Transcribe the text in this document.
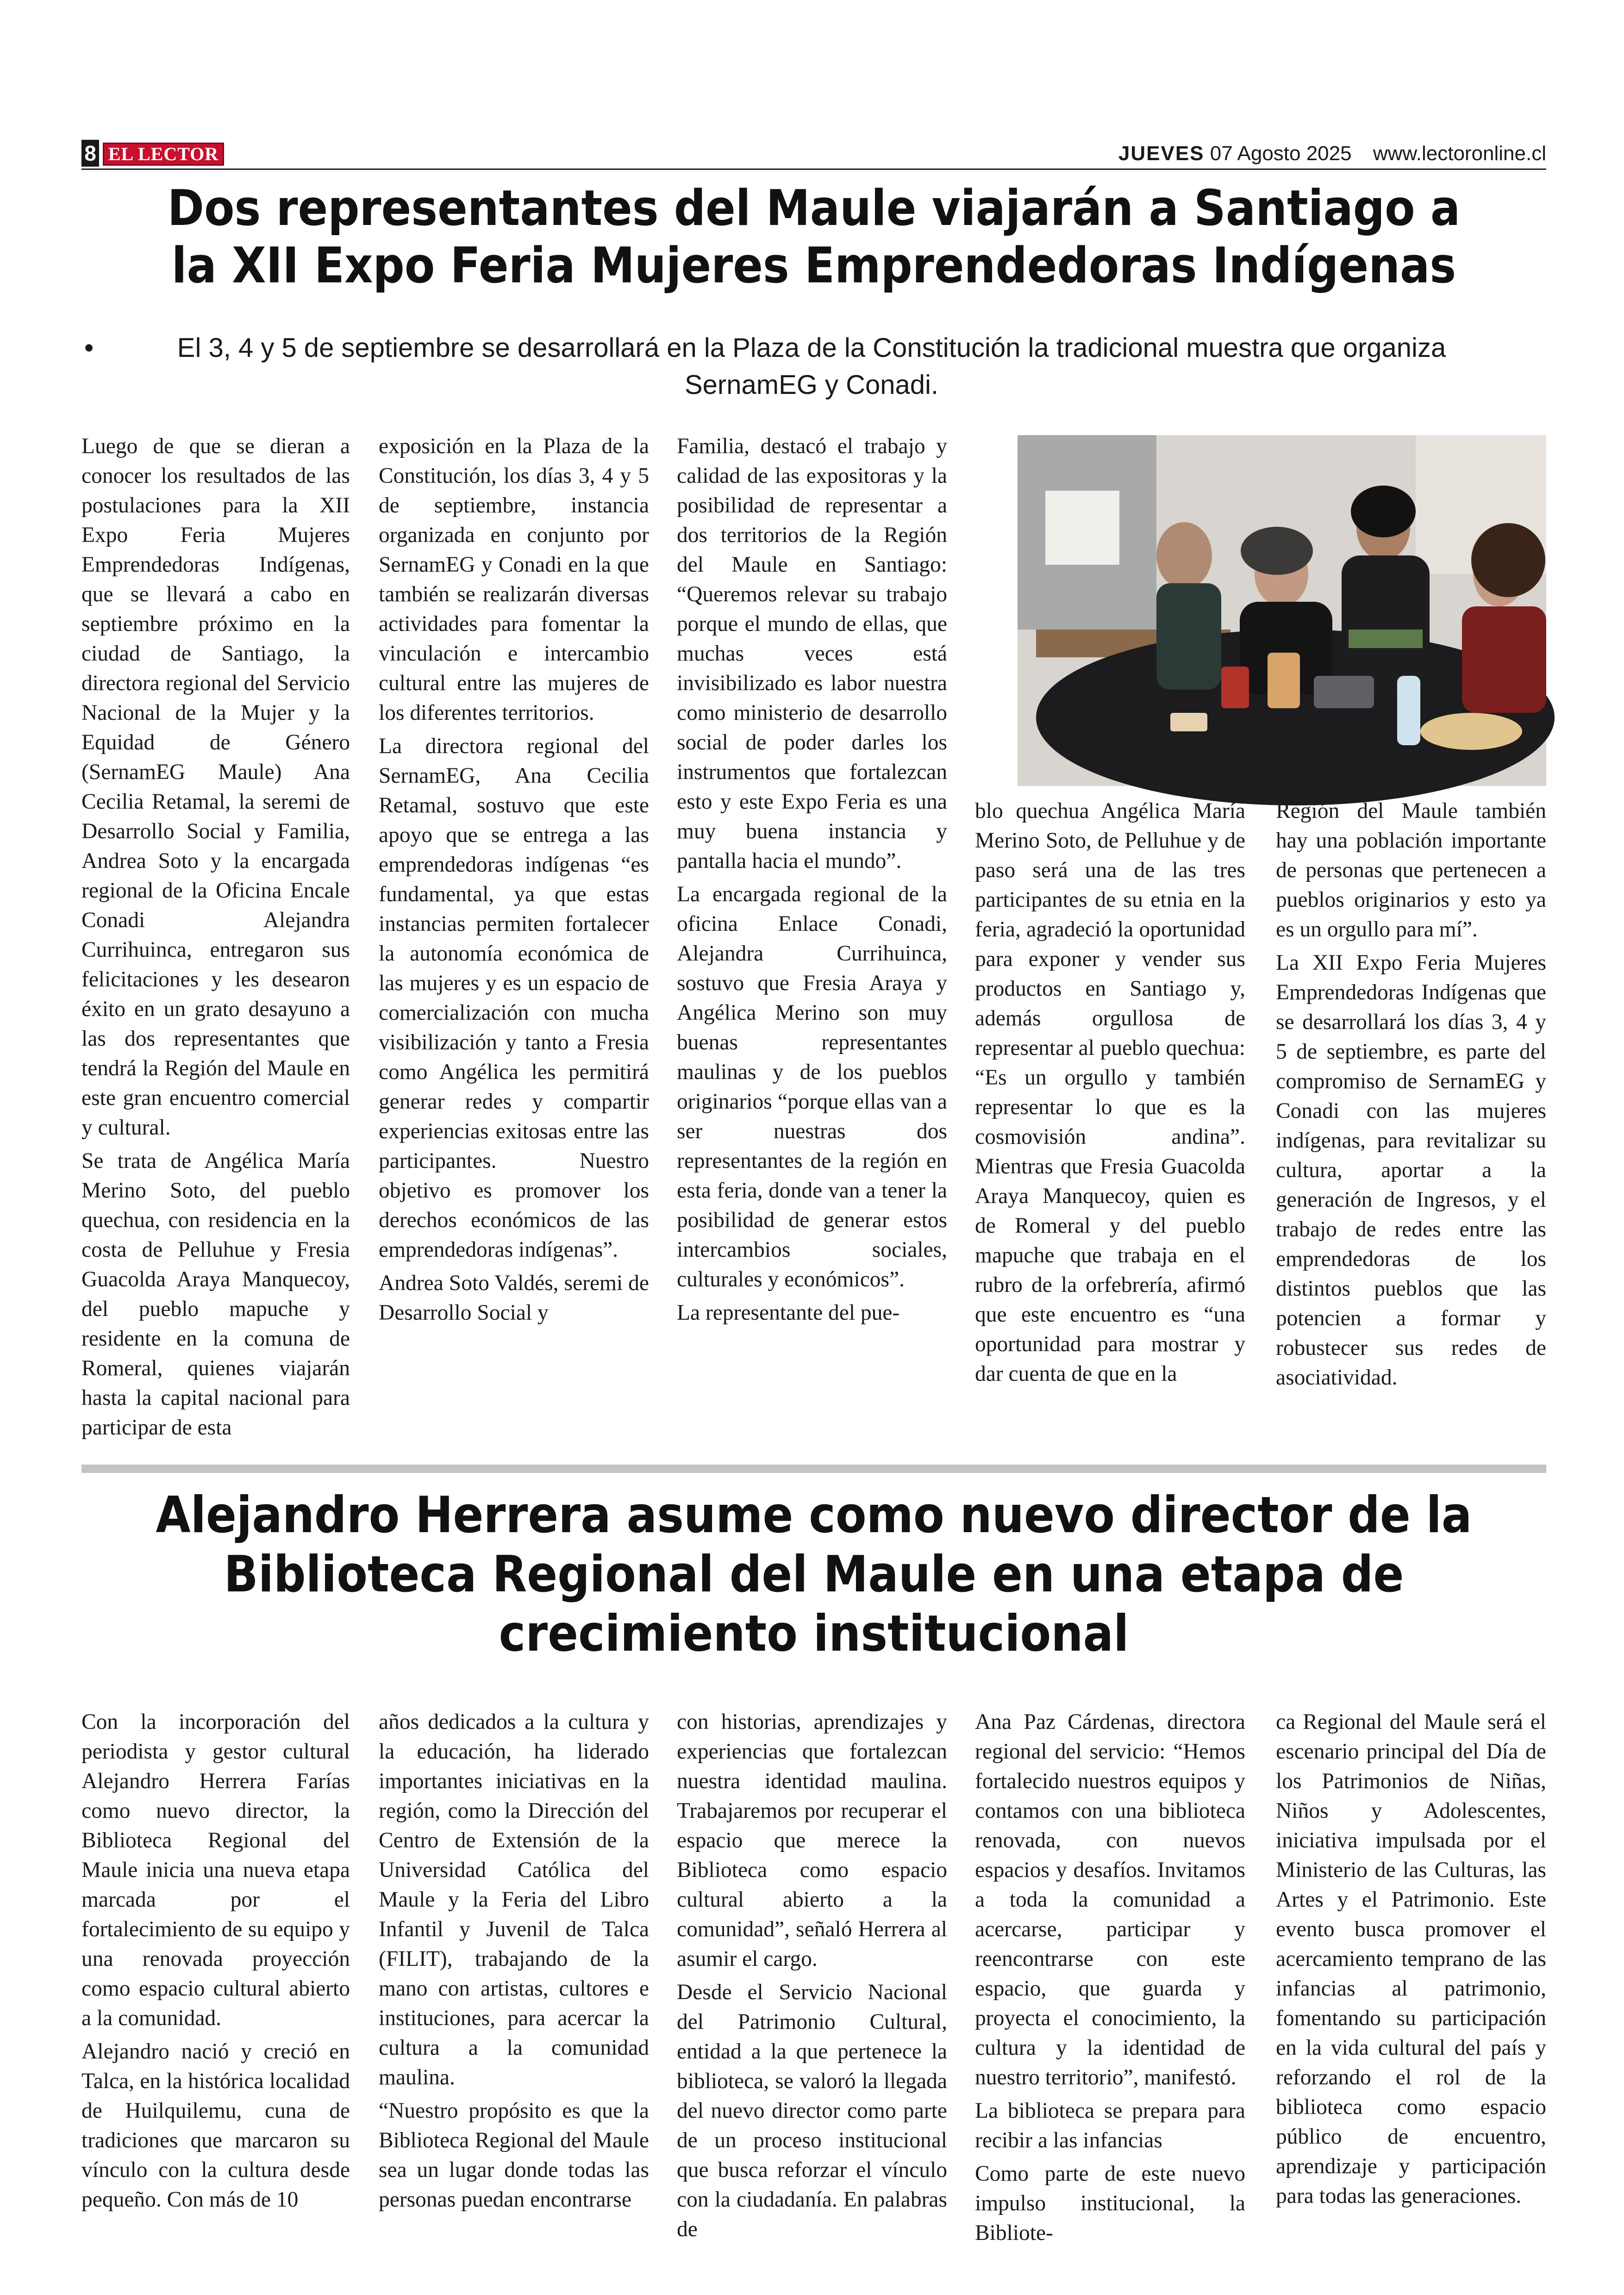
8 EL LECTOR	JUEVES 07 Agosto 2025 www.lectoronline.cl
Dos representantes del Maule viajarán a Santiago a la XII Expo Feria Mujeres Emprendedoras Indígenas
•	El 3, 4 y 5 de septiembre se desarrollará en la Plaza de la Constitución la tradicional muestra que organiza SernamEG y Conadi.

Luego de que se dieran a conocer los resultados de las postulaciones para la XII Expo Feria Mujeres Emprendedoras Indígenas, que se llevará a cabo en septiembre próximo en la ciudad de Santiago, la directora regional del Servicio Nacional de la Mujer y la Equidad de Género (SernamEG Maule) Ana Cecilia Retamal, la seremi de Desarrollo Social y Familia, Andrea Soto y la encargada regional de la Oficina Encale Conadi Alejandra Currihuinca, entregaron sus felicitaciones y les desearon éxito en un grato desayuno a las dos representantes que tendrá la Región del Maule en este gran encuentro comercial y cultural.

Se trata de Angélica María Merino Soto, del pueblo quechua, con residencia en la costa de Pelluhue y Fresia Guacolda Araya Manquecoy, del pueblo mapuche y residente en la comuna de Romeral, quienes viajarán hasta la capital nacional para participar de esta

exposición en la Plaza de la Constitución, los días 3, 4 y 5 de septiembre, instancia organizada en conjunto por SernamEG y Conadi en la que también se realizarán diversas actividades para fomentar la vinculación e intercambio cultural entre las mujeres de los diferentes territorios.

La directora regional del SernamEG, Ana Cecilia Retamal, sostuvo que este apoyo que se entrega a las emprendedoras indígenas “es fundamental, ya que estas instancias permiten fortalecer la autonomía económica de las mujeres y es un espacio de comercialización con mucha visibilización y tanto a Fresia como Angélica les permitirá generar redes y compartir experiencias exitosas entre las participantes. Nuestro objetivo es promover los derechos económicos de las emprendedoras indígenas”.

Andrea Soto Valdés, seremi de Desarrollo Social y

Familia, destacó el trabajo y calidad de las expositoras y la posibilidad de representar a dos territorios de la Región del Maule en Santiago: “Queremos relevar su trabajo porque el mundo de ellas, que muchas veces está invisibilizado es labor nuestra como ministerio de desarrollo social de poder darles los instrumentos que fortalezcan esto y este Expo Feria es una muy buena instancia y pantalla hacia el mundo”.

La encargada regional de la oficina Enlace Conadi, Alejandra Currihuinca, sostuvo que Fresia Araya y Angélica Merino son muy buenas representantes maulinas y de los pueblos originarios “porque ellas van a ser nuestras dos representantes de la región en esta feria, donde van a tener la posibilidad de generar estos intercambios sociales, culturales y económicos”.

La representante del pue-

blo quechua Angélica María Merino Soto, de Pelluhue y de paso será una de las tres participantes de su etnia en la feria, agradeció la oportunidad para exponer y vender sus productos en Santiago y, además orgullosa de representar al pueblo quechua: “Es un orgullo y también representar lo que es la cosmovisión andina”. Mientras que Fresia Guacolda Araya Manquecoy, quien es de Romeral y del pueblo mapuche que trabaja en el rubro de la orfebrería, afirmó que este encuentro es “una oportunidad para mostrar y dar cuenta de que en la

Región del Maule también hay una población importante de personas que pertenecen a pueblos originarios y esto ya es un orgullo para mí”.

La XII Expo Feria Mujeres Emprendedoras Indígenas que se desarrollará los días 3, 4 y 5 de septiembre, es parte del compromiso de SernamEG y Conadi con las mujeres indígenas, para revitalizar su cultura, aportar a la generación de Ingresos, y el trabajo de redes entre las emprendedoras de los distintos pueblos que las potencien a formar y robustecer sus redes de asociatividad.

Alejandro Herrera asume como nuevo director de la Biblioteca Regional del Maule en una etapa de crecimiento institucional

Con la incorporación del periodista y gestor cultural Alejandro Herrera Farías como nuevo director, la Biblioteca Regional del Maule inicia una nueva etapa marcada por el fortalecimiento de su equipo y una renovada proyección como espacio cultural abierto a la comunidad.

Alejandro nació y creció en Talca, en la histórica localidad de Huilquilemu, cuna de tradiciones que marcaron su vínculo con la cultura desde pequeño. Con más de 10

años dedicados a la cultura y la educación, ha liderado importantes iniciativas en la región, como la Dirección del Centro de Extensión de la Universidad Católica del Maule y la Feria del Libro Infantil y Juvenil de Talca (FILIT), trabajando de la mano con artistas, cultores e instituciones, para acercar la cultura a la comunidad maulina.

“Nuestro propósito es que la Biblioteca Regional del Maule sea un lugar donde todas las personas puedan encontrarse

con historias, aprendizajes y experiencias que fortalezcan nuestra identidad maulina. Trabajaremos por recuperar el espacio que merece la Biblioteca como espacio cultural abierto a la comunidad”, señaló Herrera al asumir el cargo.

Desde el Servicio Nacional del Patrimonio Cultural, entidad a la que pertenece la biblioteca, se valoró la llegada del nuevo director como parte de un proceso institucional que busca reforzar el vínculo con la ciudadanía. En palabras de

Ana Paz Cárdenas, directora regional del servicio: “Hemos fortalecido nuestros equipos y contamos con una biblioteca renovada, con nuevos espacios y desafíos. Invitamos a toda la comunidad a acercarse, participar y reencontrarse con este espacio, que guarda y proyecta el conocimiento, la cultura y la identidad de nuestro territorio”, manifestó.

La biblioteca se prepara para recibir a las infancias

Como parte de este nuevo impulso institucional, la Bibliote-

ca Regional del Maule será el escenario principal del Día de los Patrimonios de Niñas, Niños y Adolescentes, iniciativa impulsada por el Ministerio de las Culturas, las Artes y el Patrimonio. Este evento busca promover el acercamiento temprano de las infancias al patrimonio, fomentando su participación en la vida cultural del país y reforzando el rol de la biblioteca como espacio público de encuentro, aprendizaje y participación para todas las generaciones.
